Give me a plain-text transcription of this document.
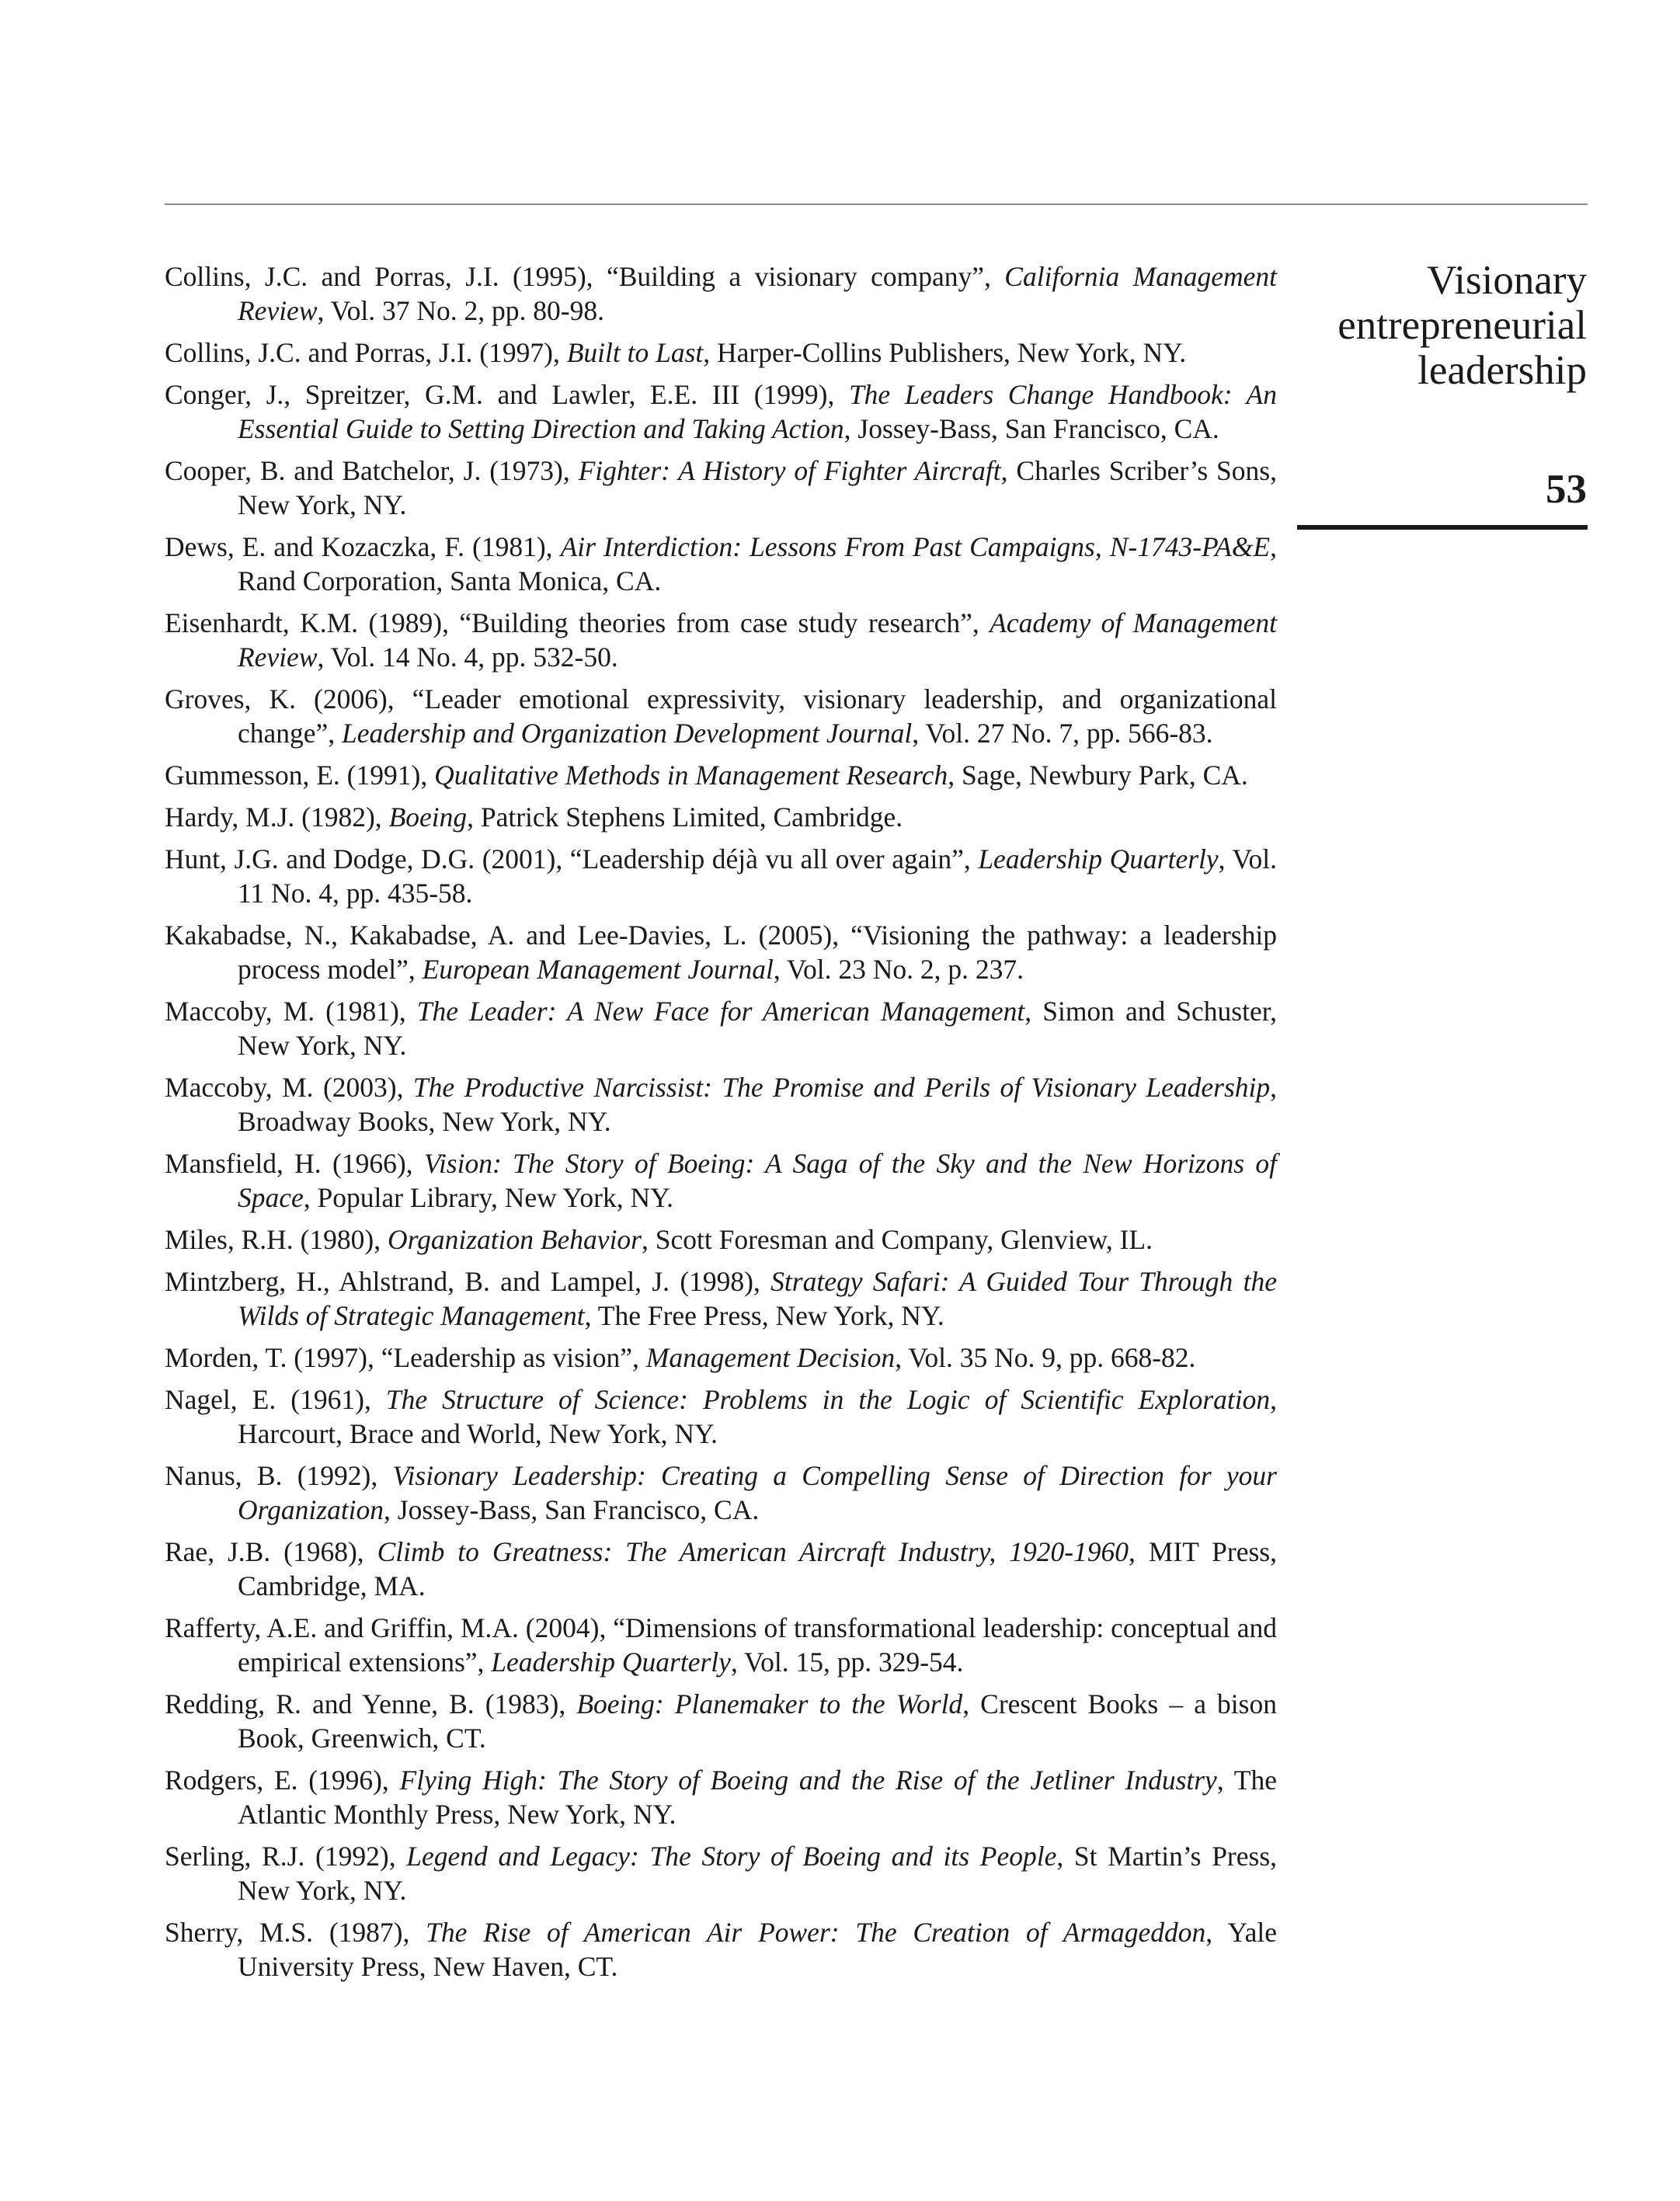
Collins, J.C. and Porras, J.I. (1995), “Building a visionary company”, California Management Review, Vol. 37 No. 2, pp. 80-98.

Collins, J.C. and Porras, J.I. (1997), Built to Last, Harper-Collins Publishers, New York, NY.

Conger, J., Spreitzer, G.M. and Lawler, E.E. III (1999), The Leaders Change Handbook: An Essential Guide to Setting Direction and Taking Action, Jossey-Bass, San Francisco, CA.

Cooper, B. and Batchelor, J. (1973), Fighter: A History of Fighter Aircraft, Charles Scriber’s Sons, New York, NY.

Dews, E. and Kozaczka, F. (1981), Air Interdiction: Lessons From Past Campaigns, N-1743-PA&E, Rand Corporation, Santa Monica, CA.

Eisenhardt, K.M. (1989), “Building theories from case study research”, Academy of Management Review, Vol. 14 No. 4, pp. 532-50.

Groves, K. (2006), “Leader emotional expressivity, visionary leadership, and organizational change”, Leadership and Organization Development Journal, Vol. 27 No. 7, pp. 566-83.

Gummesson, E. (1991), Qualitative Methods in Management Research, Sage, Newbury Park, CA.

Hardy, M.J. (1982), Boeing, Patrick Stephens Limited, Cambridge.

Hunt, J.G. and Dodge, D.G. (2001), “Leadership déjà vu all over again”, Leadership Quarterly, Vol. 11 No. 4, pp. 435-58.

Kakabadse, N., Kakabadse, A. and Lee-Davies, L. (2005), “Visioning the pathway: a leadership process model”, European Management Journal, Vol. 23 No. 2, p. 237.

Maccoby, M. (1981), The Leader: A New Face for American Management, Simon and Schuster, New York, NY.

Maccoby, M. (2003), The Productive Narcissist: The Promise and Perils of Visionary Leadership, Broadway Books, New York, NY.

Mansfield, H. (1966), Vision: The Story of Boeing: A Saga of the Sky and the New Horizons of Space, Popular Library, New York, NY.

Miles, R.H. (1980), Organization Behavior, Scott Foresman and Company, Glenview, IL.

Mintzberg, H., Ahlstrand, B. and Lampel, J. (1998), Strategy Safari: A Guided Tour Through the Wilds of Strategic Management, The Free Press, New York, NY.

Morden, T. (1997), “Leadership as vision”, Management Decision, Vol. 35 No. 9, pp. 668-82.

Nagel, E. (1961), The Structure of Science: Problems in the Logic of Scientific Exploration, Harcourt, Brace and World, New York, NY.

Nanus, B. (1992), Visionary Leadership: Creating a Compelling Sense of Direction for your Organization, Jossey-Bass, San Francisco, CA.

Rae, J.B. (1968), Climb to Greatness: The American Aircraft Industry, 1920-1960, MIT Press, Cambridge, MA.

Rafferty, A.E. and Griffin, M.A. (2004), “Dimensions of transformational leadership: conceptual and empirical extensions”, Leadership Quarterly, Vol. 15, pp. 329-54.

Redding, R. and Yenne, B. (1983), Boeing: Planemaker to the World, Crescent Books – a bison Book, Greenwich, CT.

Rodgers, E. (1996), Flying High: The Story of Boeing and the Rise of the Jetliner Industry, The Atlantic Monthly Press, New York, NY.

Serling, R.J. (1992), Legend and Legacy: The Story of Boeing and its People, St Martin’s Press, New York, NY.

Sherry, M.S. (1987), The Rise of American Air Power: The Creation of Armageddon, Yale University Press, New Haven, CT.

Visionary
entrepreneurial
leadership
53
